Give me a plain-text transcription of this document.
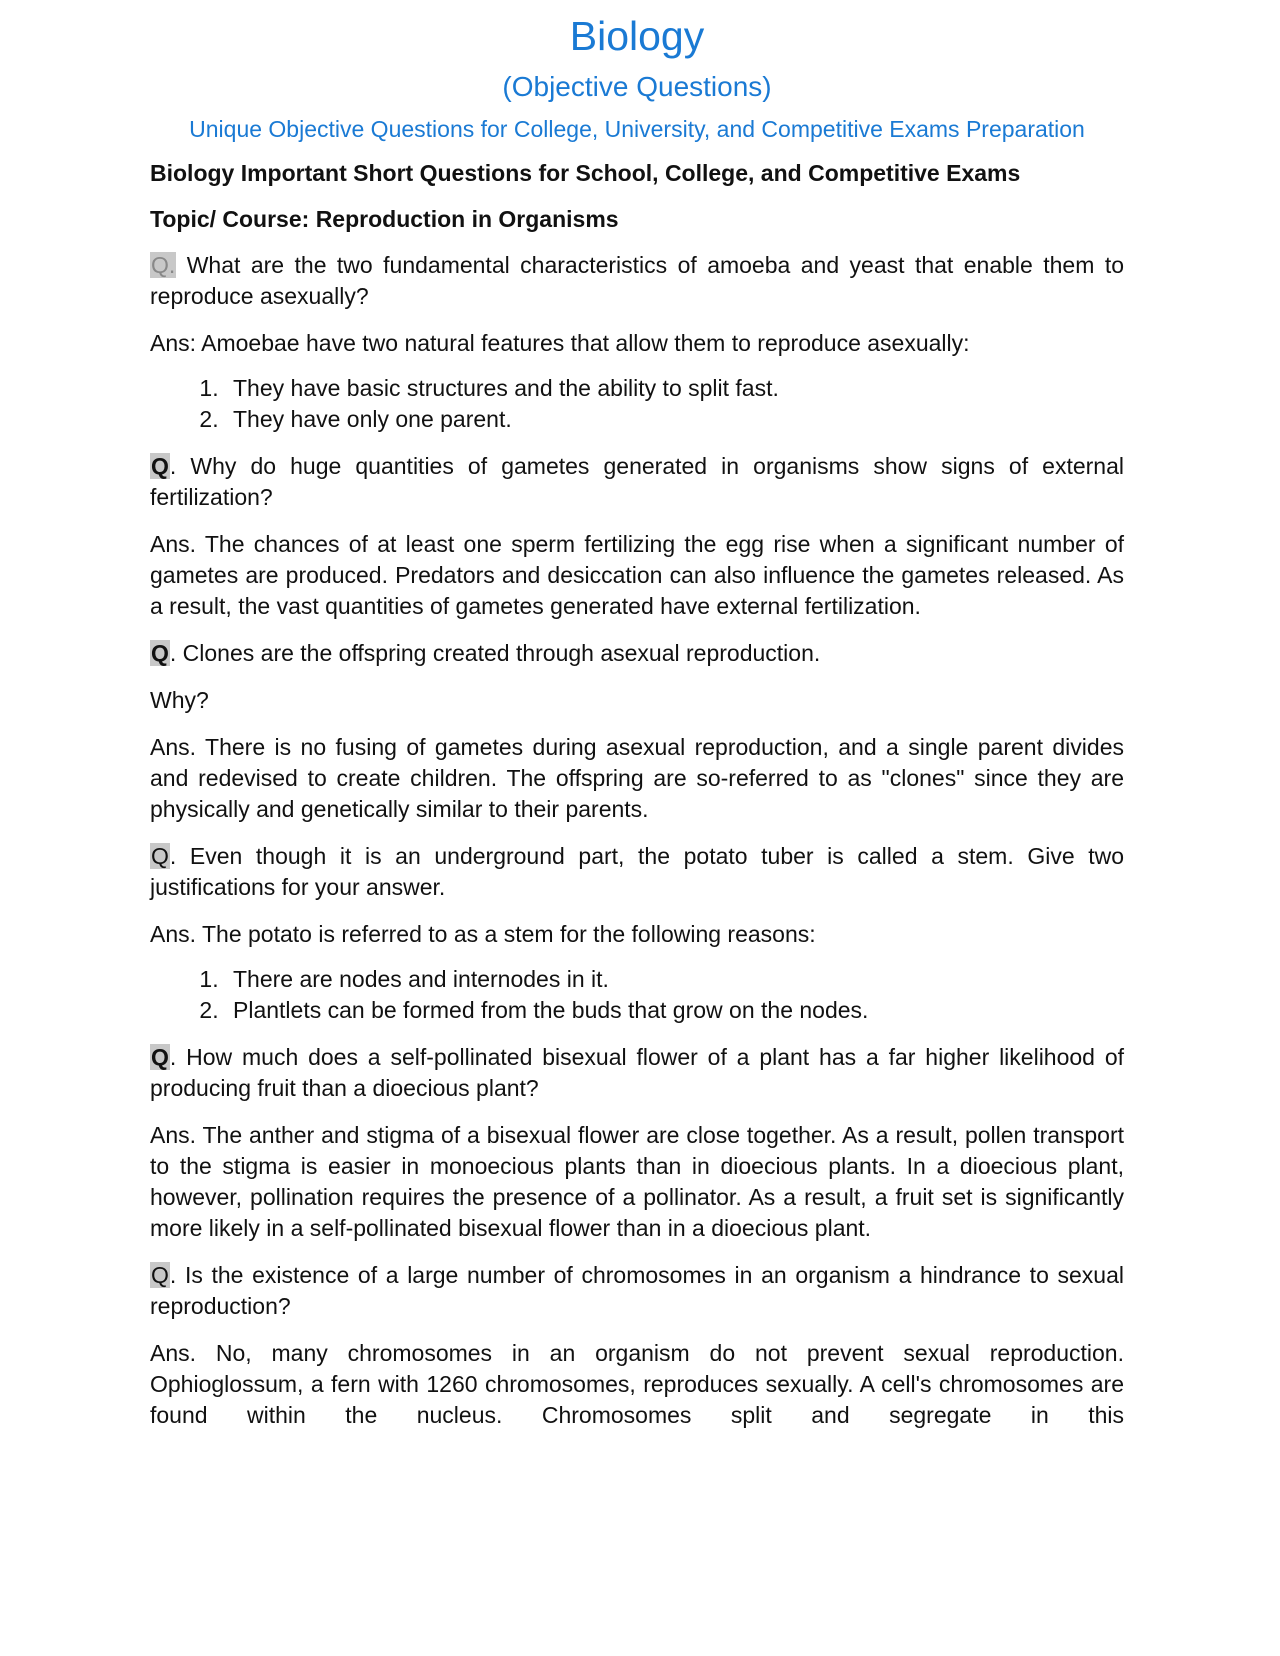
Biology
(Objective Questions)
Unique Objective Questions for College, University, and Competitive Exams Preparation
Biology Important Short Questions for School, College, and Competitive Exams
Topic/ Course: Reproduction in Organisms

Q. What are the two fundamental characteristics of amoeba and yeast that enable them to reproduce asexually?

Ans: Amoebae have two natural features that allow them to reproduce asexually:

1. They have basic structures and the ability to split fast.
2. They have only one parent.

Q. Why do huge quantities of gametes generated in organisms show signs of external fertilization?

Ans. The chances of at least one sperm fertilizing the egg rise when a significant number of gametes are produced. Predators and desiccation can also influence the gametes released. As a result, the vast quantities of gametes generated have external fertilization.

Q. Clones are the offspring created through asexual reproduction.

Why?

Ans. There is no fusing of gametes during asexual reproduction, and a single parent divides and redevised to create children. The offspring are so-referred to as "clones" since they are physically and genetically similar to their parents.

Q. Even though it is an underground part, the potato tuber is called a stem. Give two justifications for your answer.

Ans. The potato is referred to as a stem for the following reasons:

1. There are nodes and internodes in it.
2. Plantlets can be formed from the buds that grow on the nodes.

Q. How much does a self-pollinated bisexual flower of a plant has a far higher likelihood of producing fruit than a dioecious plant?

Ans. The anther and stigma of a bisexual flower are close together. As a result, pollen transport to the stigma is easier in monoecious plants than in dioecious plants. In a dioecious plant, however, pollination requires the presence of a pollinator. As a result, a fruit set is significantly more likely in a self-pollinated bisexual flower than in a dioecious plant.

Q. Is the existence of a large number of chromosomes in an organism a hindrance to sexual reproduction?

Ans. No, many chromosomes in an organism do not prevent sexual reproduction. Ophioglossum, a fern with 1260 chromosomes, reproduces sexually. A cell's chromosomes are found within the nucleus. Chromosomes split and segregate in this
